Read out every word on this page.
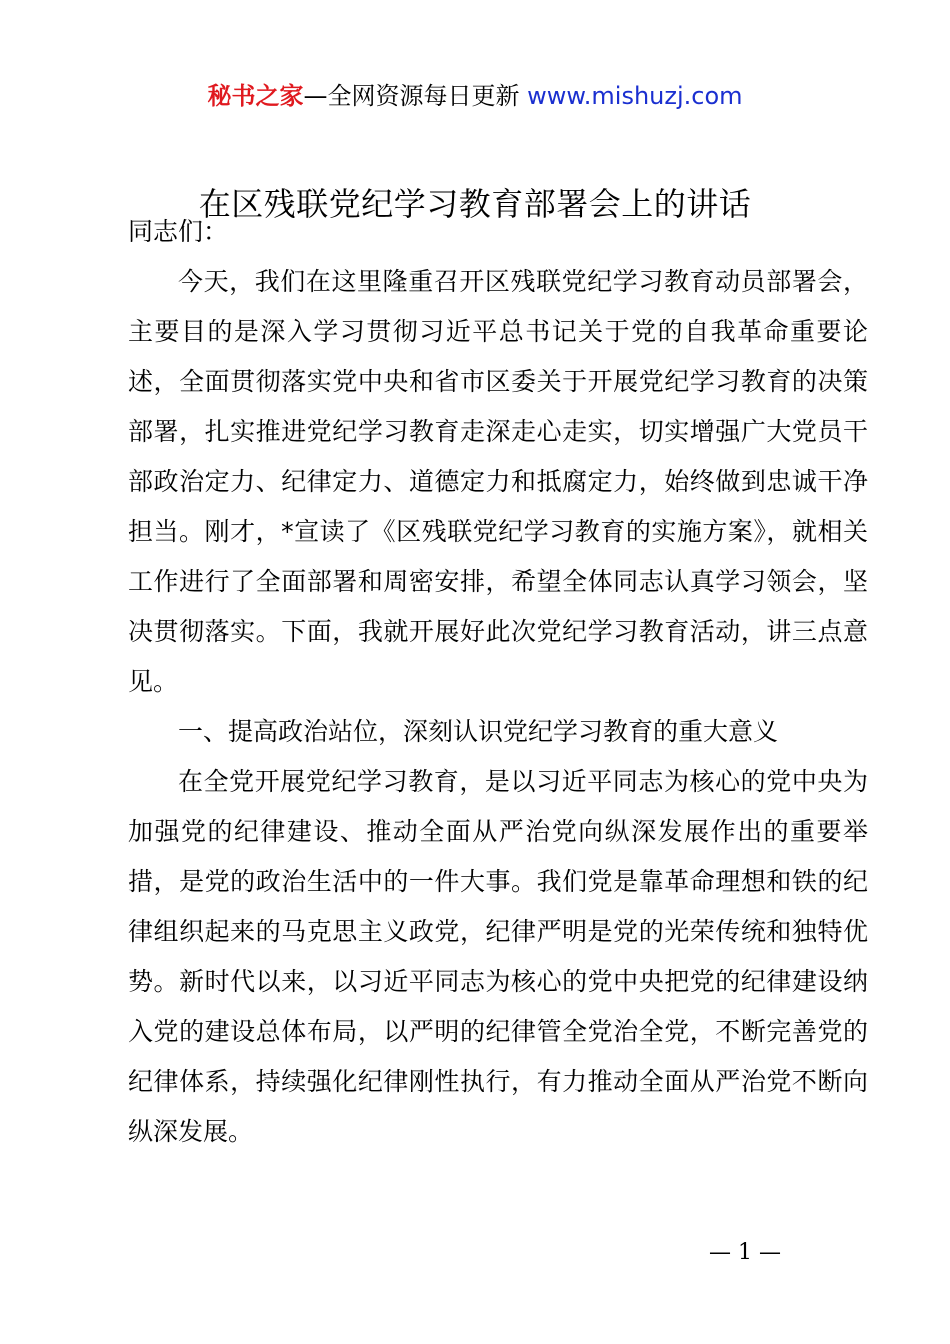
秘书之家—全网资源每日更新 www.mishuzj.com
在区残联党纪学习教育部署会上的讲话

同志们：

今天，我们在这里隆重召开区残联党纪学习教育动员部署会，主要目的是深入学习贯彻习近平总书记关于党的自我革命重要论述，全面贯彻落实党中央和省市区委关于开展党纪学习教育的决策部署，扎实推进党纪学习教育走深走心走实，切实增强广大党员干部政治定力、纪律定力、道德定力和抵腐定力，始终做到忠诚干净担当。刚才，*宣读了《区残联党纪学习教育的实施方案》，就相关工作进行了全面部署和周密安排，希望全体同志认真学习领会，坚决贯彻落实。下面，我就开展好此次党纪学习教育活动，讲三点意见。

一、提高政治站位，深刻认识党纪学习教育的重大意义

在全党开展党纪学习教育，是以习近平同志为核心的党中央为加强党的纪律建设、推动全面从严治党向纵深发展作出的重要举措，是党的政治生活中的一件大事。我们党是靠革命理想和铁的纪律组织起来的马克思主义政党，纪律严明是党的光荣传统和独特优势。新时代以来，以习近平同志为核心的党中央把党的纪律建设纳入党的建设总体布局，以严明的纪律管全党治全党，不断完善党的纪律体系，持续强化纪律刚性执行，有力推动全面从严治党不断向纵深发展。

— 1 —
